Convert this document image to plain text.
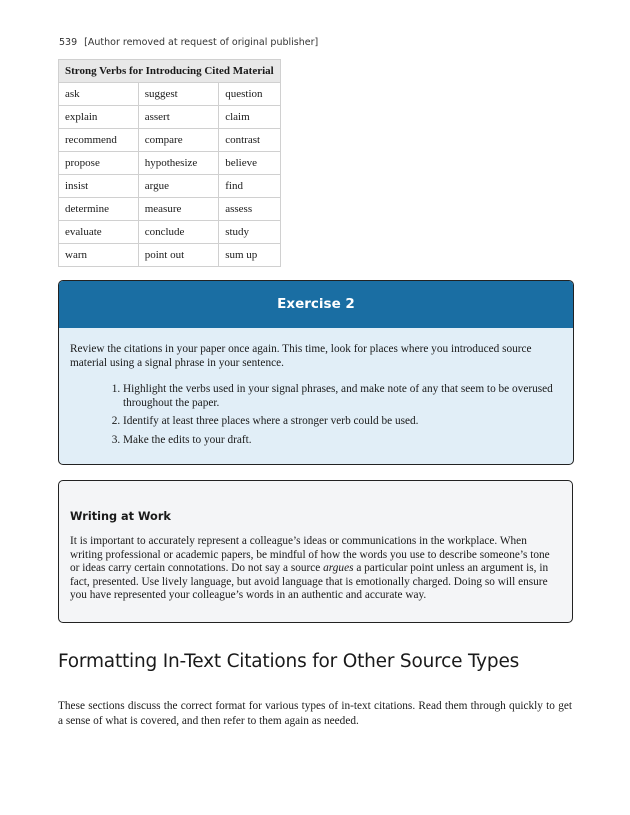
539 [Author removed at request of original publisher]
Strong Verbs for Introducing Cited Material		
ask	suggest	question
explain	assert	claim
recommend	compare	contrast
propose	hypothesize	believe
insist	argue	find
determine	measure	assess
evaluate	conclude	study
warn	point out	sum up
Exercise 2

Review the citations in your paper once again. This time, look for places where you introduced source material using a signal phrase in your sentence.

1. Highlight the verbs used in your signal phrases, and make note of any that seem to be overused throughout the paper.
2. Identify at least three places where a stronger verb could be used.
3. Make the edits to your draft.
Writing at Work

It is important to accurately represent a colleague’s ideas or communications in the workplace. When writing professional or academic papers, be mindful of how the words you use to describe someone’s tone or ideas carry certain connotations. Do not say a source argues a particular point unless an argument is, in fact, presented. Use lively language, but avoid language that is emotionally charged. Doing so will ensure you have represented your colleague’s words in an authentic and accurate way.

Formatting In-Text Citations for Other Source Types

These sections discuss the correct format for various types of in-text citations. Read them through quickly to get a sense of what is covered, and then refer to them again as needed.
